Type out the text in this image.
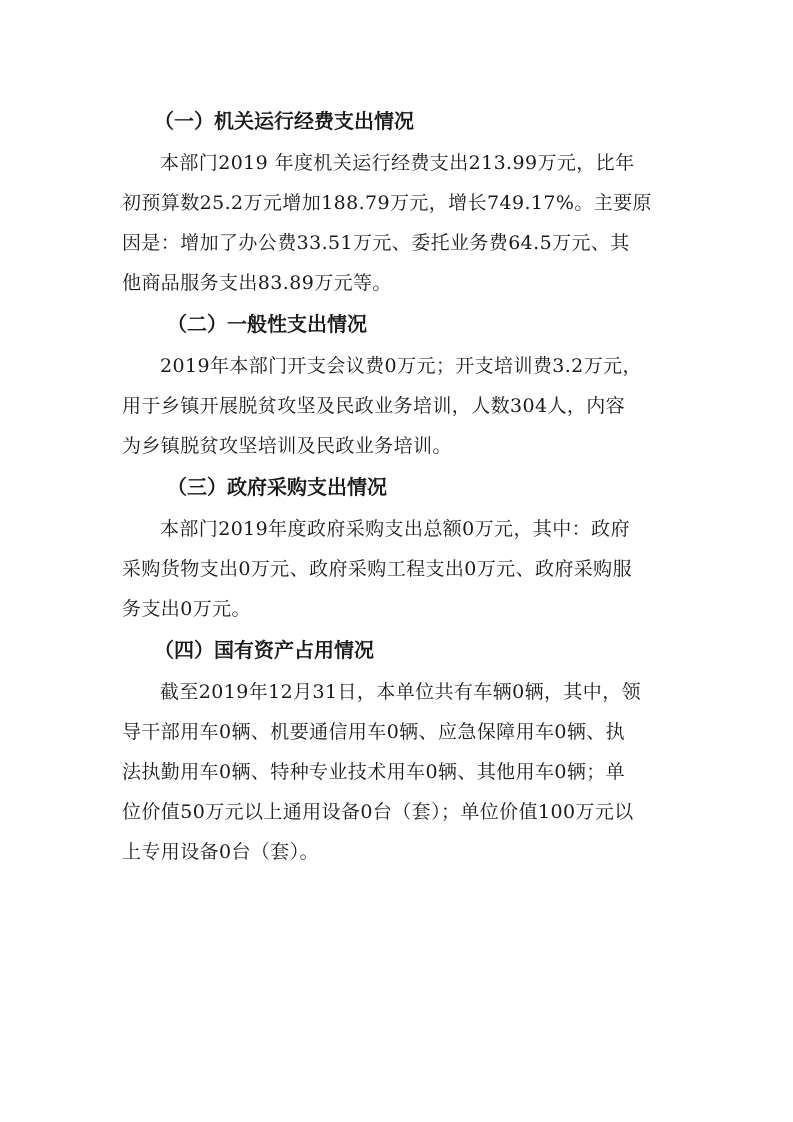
（一）机关运行经费支出情况
本部门2019 年度机关运行经费支出213.99万元，比年
初预算数25.2万元增加188.79万元，增长749.17%。主要原
因是：增加了办公费33.51万元、委托业务费64.5万元、其
他商品服务支出83.89万元等。
（二）一般性支出情况
2019年本部门开支会议费0万元；开支培训费3.2万元，
用于乡镇开展脱贫攻坚及民政业务培训，人数304人，内容
为乡镇脱贫攻坚培训及民政业务培训。
（三）政府采购支出情况
本部门2019年度政府采购支出总额0万元，其中：政府
采购货物支出0万元、政府采购工程支出0万元、政府采购服
务支出0万元。
（四）国有资产占用情况
截至2019年12月31日，本单位共有车辆0辆，其中，领
导干部用车0辆、机要通信用车0辆、应急保障用车0辆、执
法执勤用车0辆、特种专业技术用车0辆、其他用车0辆；单
位价值50万元以上通用设备0台（套）；单位价值100万元以
上专用设备0台（套）。
